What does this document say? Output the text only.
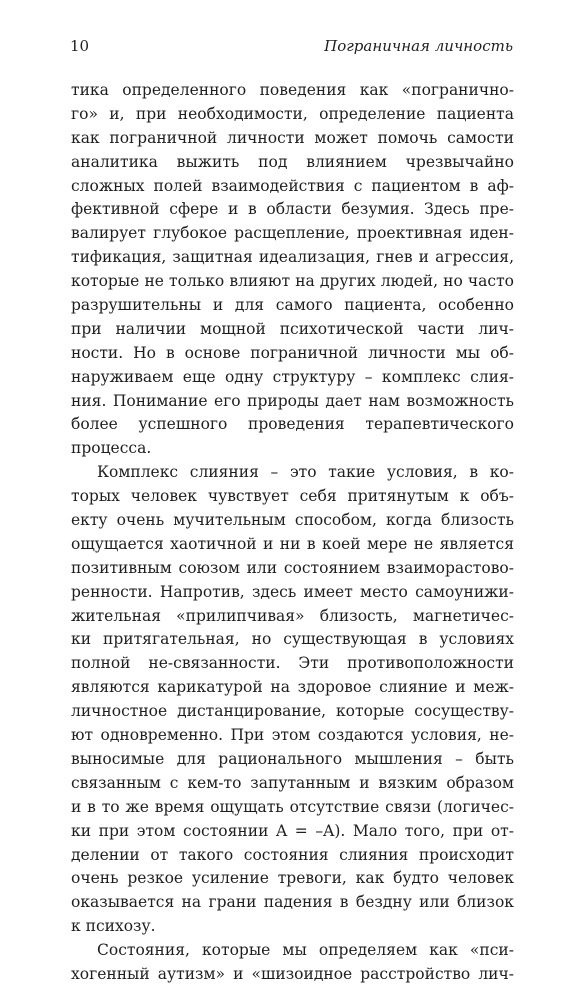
10	Пограничная личность
тика определенного поведения как «погранично-
го» и, при необходимости, определение пациента
как пограничной личности может помочь самости
аналитика выжить под влиянием чрезвычайно
сложных полей взаимодействия с пациентом в аф-
фективной сфере и в области безумия. Здесь пре-
валирует глубокое расщепление, проективная иден-
тификация, защитная идеализация, гнев и агрессия,
которые не только влияют на других людей, но часто
разрушительны и для самого пациента, особенно
при наличии мощной психотической части лич-
ности. Но в основе пограничной личности мы об-
наруживаем еще одну структуру – комплекс слия-
ния. Понимание его природы дает нам возможность
более успешного проведения терапевтического
процесса.
Комплекс слияния – это такие условия, в ко-
торых человек чувствует себя притянутым к объ-
екту очень мучительным способом, когда близость
ощущается хаотичной и ни в коей мере не является
позитивным союзом или состоянием взаиморастово-
ренности. Напротив, здесь имеет место самоунижи-
жительная «прилипчивая» близость, магнетичес-
ки притягательная, но существующая в условиях
полной не-связанности. Эти противоположности
являются карикатурой на здоровое слияние и меж-
личностное дистанцирование, которые сосуществу-
ют одновременно. При этом создаются условия, не-
выносимые для рационального мышления – быть
связанным с кем-то запутанным и вязким образом
и в то же время ощущать отсутствие связи (логичес-
ки при этом состоянии A = –A). Мало того, при от-
делении от такого состояния слияния происходит
очень резкое усиление тревоги, как будто человек
оказывается на грани падения в бездну или близок
к психозу.
Состояния, которые мы определяем как «пси-
хогенный аутизм» и «шизоидное расстройство лич-
